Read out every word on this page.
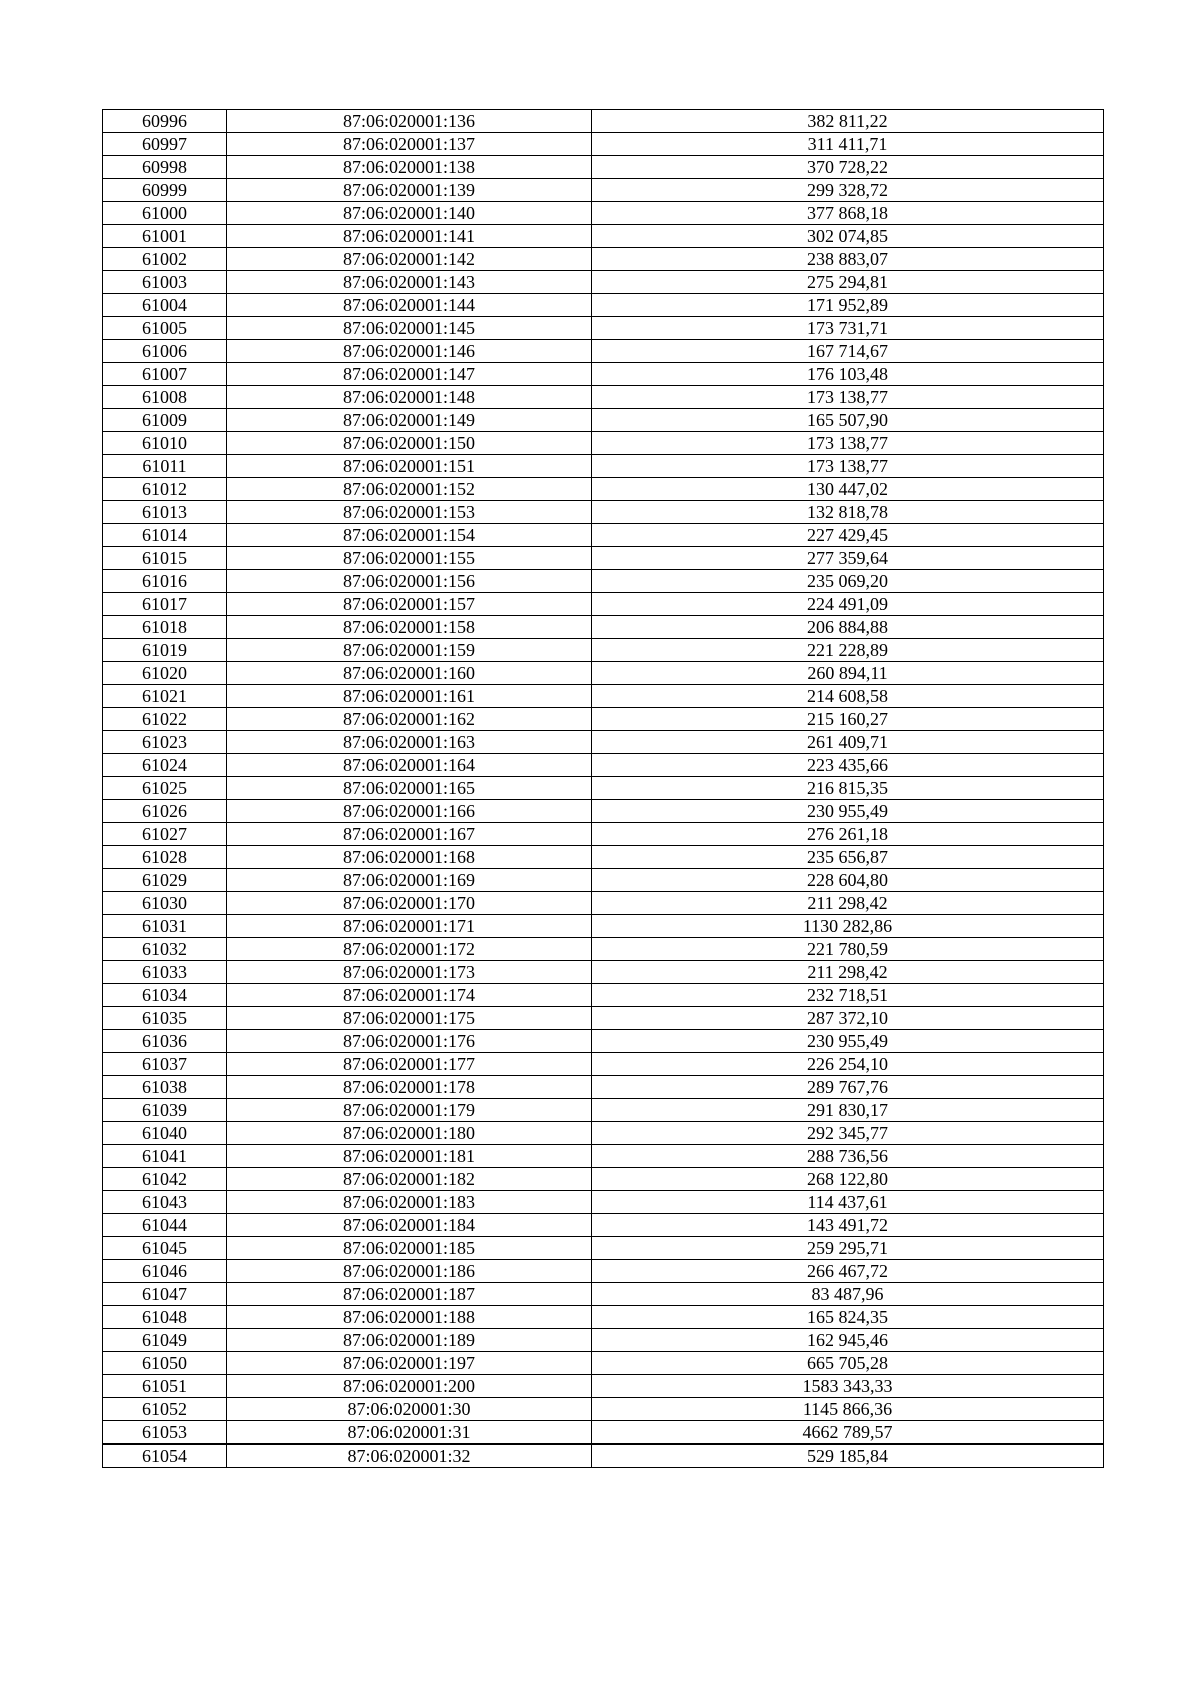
60996	87:06:020001:136	382 811,22
60997	87:06:020001:137	311 411,71
60998	87:06:020001:138	370 728,22
60999	87:06:020001:139	299 328,72
61000	87:06:020001:140	377 868,18
61001	87:06:020001:141	302 074,85
61002	87:06:020001:142	238 883,07
61003	87:06:020001:143	275 294,81
61004	87:06:020001:144	171 952,89
61005	87:06:020001:145	173 731,71
61006	87:06:020001:146	167 714,67
61007	87:06:020001:147	176 103,48
61008	87:06:020001:148	173 138,77
61009	87:06:020001:149	165 507,90
61010	87:06:020001:150	173 138,77
61011	87:06:020001:151	173 138,77
61012	87:06:020001:152	130 447,02
61013	87:06:020001:153	132 818,78
61014	87:06:020001:154	227 429,45
61015	87:06:020001:155	277 359,64
61016	87:06:020001:156	235 069,20
61017	87:06:020001:157	224 491,09
61018	87:06:020001:158	206 884,88
61019	87:06:020001:159	221 228,89
61020	87:06:020001:160	260 894,11
61021	87:06:020001:161	214 608,58
61022	87:06:020001:162	215 160,27
61023	87:06:020001:163	261 409,71
61024	87:06:020001:164	223 435,66
61025	87:06:020001:165	216 815,35
61026	87:06:020001:166	230 955,49
61027	87:06:020001:167	276 261,18
61028	87:06:020001:168	235 656,87
61029	87:06:020001:169	228 604,80
61030	87:06:020001:170	211 298,42
61031	87:06:020001:171	1130 282,86
61032	87:06:020001:172	221 780,59
61033	87:06:020001:173	211 298,42
61034	87:06:020001:174	232 718,51
61035	87:06:020001:175	287 372,10
61036	87:06:020001:176	230 955,49
61037	87:06:020001:177	226 254,10
61038	87:06:020001:178	289 767,76
61039	87:06:020001:179	291 830,17
61040	87:06:020001:180	292 345,77
61041	87:06:020001:181	288 736,56
61042	87:06:020001:182	268 122,80
61043	87:06:020001:183	114 437,61
61044	87:06:020001:184	143 491,72
61045	87:06:020001:185	259 295,71
61046	87:06:020001:186	266 467,72
61047	87:06:020001:187	83 487,96
61048	87:06:020001:188	165 824,35
61049	87:06:020001:189	162 945,46
61050	87:06:020001:197	665 705,28
61051	87:06:020001:200	1583 343,33
61052	87:06:020001:30	1145 866,36
61053	87:06:020001:31	4662 789,57
61054	87:06:020001:32	529 185,84
